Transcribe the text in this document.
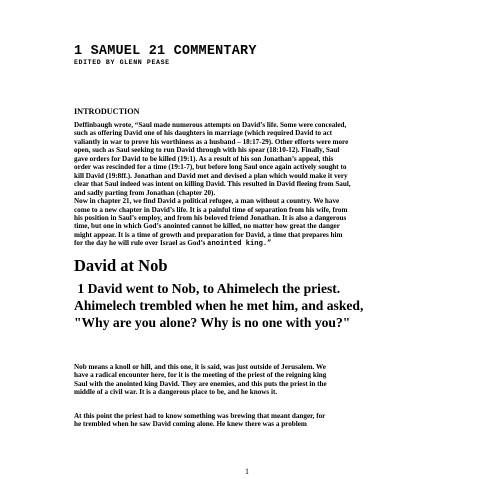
1 SAMUEL 21 COMMENTARY
EDITED BY GLENN PEASE
INTRODUCTION

Deffinbaugh wrote, “Saul made numerous attempts on David’s life. Some were concealed,

such as offering David one of his daughters in marriage (which required David to act

valiantly in war to prove his worthiness as a husband – 18:17-29). Other efforts were more

open, such as Saul seeking to run David through with his spear (18:10-12). Finally, Saul

gave orders for David to be killed (19:1). As a result of his son Jonathan’s appeal, this

order was rescinded for a time (19:1-7), but before long Saul once again actively sought to

kill David (19:8ff.). Jonathan and David met and devised a plan which would make it very

clear that Saul indeed was intent on killing David. This resulted in David fleeing from Saul,

and sadly parting from Jonathan (chapter 20).

Now in chapter 21, we find David a political refugee, a man without a country. We have

come to a new chapter in David’s life. It is a painful time of separation from his wife, from

his position in Saul’s employ, and from his beloved friend Jonathan. It is also a dangerous

time, but one in which God’s anointed cannot be killed, no matter how great the danger

might appear. It is a time of growth and preparation for David, a time that prepares him

for the day he will rule over Israel as God’s anointed king.”

David at Nob

1 David went to Nob, to Ahimelech the priest.

Ahimelech trembled when he met him, and asked,

"Why are you alone? Why is no one with you?"

Nob means a knoll or hill, and this one, it is said, was just outside of Jerusalem. We
have a radical encounter here, for it is the meeting of the priest of the reigning king
Saul with the anointed king David. They are enemies, and this puts the priest in the
middle of a civil war. It is a dangerous place to be, and he knows it.
At this point the priest had to know something was brewing that meant danger, for
he trembled when he saw David coming alone. He knew there was a problem
1
